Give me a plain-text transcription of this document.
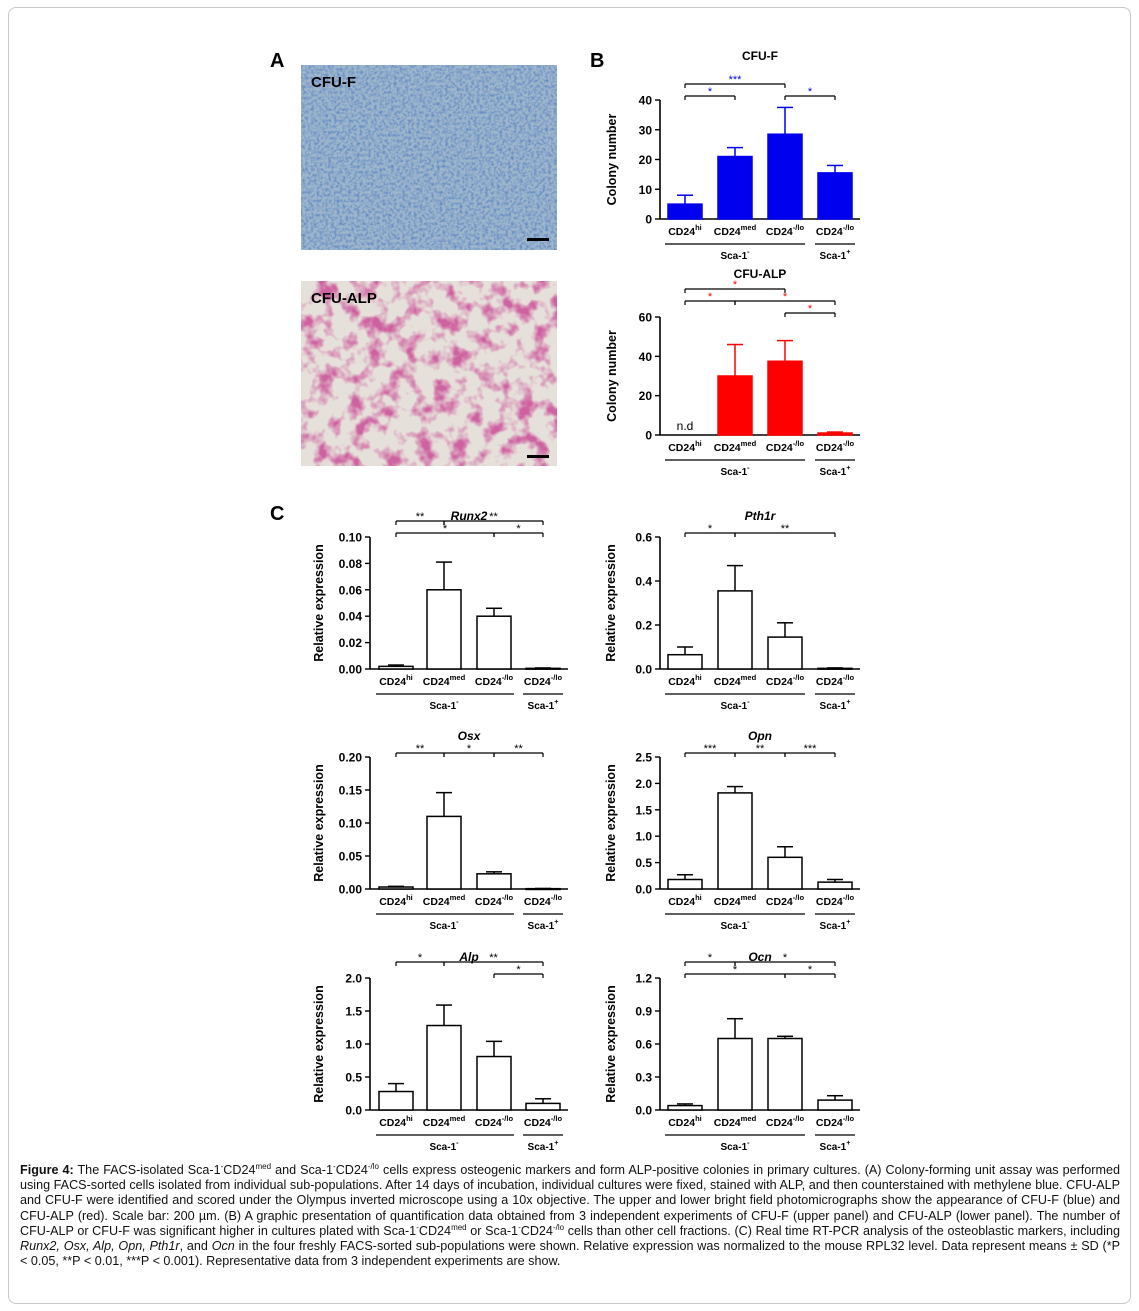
A
CFU-F
CFU-ALP
B
C
CFU-F
0
10
20
30
40
Colony number
$CD24^{hi}$ $CD24^{med}$ $CD24^{-/lo}$ $CD24^{-/lo}$
Sca-1-	Sca-1+
*	*
***
CFU-ALP
0
20
40
60
Colony number
n.d
$CD24^{hi}$ $CD24^{med}$ $CD24^{-/lo}$ $CD24^{-/lo}$
Sca-1-	Sca-1+
*
*
*
*
Runx2
0.00
0.02
0.04
0.06
0.08
0.10
Relative expression
$CD24^{hi}$ $CD24^{med}$ $CD24^{-/lo}$ $CD24^{-/lo}$
Sca-1-	Sca-1+
*	*
**	**	Pth1r
0.0
0.2
0.4
0.6
Relative expression
$CD24^{hi}$ $CD24^{med}$ $CD24^{-/lo}$ $CD24^{-/lo}$
Sca-1-	Sca-1+
*	**
Osx
0.00
0.05
0.10
0.15
0.20
Relative expression
$CD24^{hi}$ $CD24^{med}$ $CD24^{-/lo}$ $CD24^{-/lo}$
Sca-1-	Sca-1+
**	*	**
Opn
0.0
0.5
1.0
1.5
2.0
2.5
Relative expression
$CD24^{hi}$ $CD24^{med}$ $CD24^{-/lo}$ $CD24^{-/lo}$
Sca-1-	Sca-1+
***	**	***
Alp
0.0
0.5
1.0
1.5
2.0
Relative expression
$CD24^{hi}$ $CD24^{med}$ $CD24^{-/lo}$ $CD24^{-/lo}$
Sca-1-	Sca-1+
*
*	**	Ocn
0.0
0.3
0.6
0.9
1.2
Relative expression
$CD24^{hi}$ $CD24^{med}$ $CD24^{-/lo}$ $CD24^{-/lo}$
Sca-1-	Sca-1+
*	*
*	*
Figure 4: The FACS-isolated Sca-$1^-CD24^{med}$ and Sca-$1^-CD24^{-/lo}$ cells express osteogenic markers and form ALP-positive colonies in primary cultures. (A) Colony-forming unit assay was performed using FACS-sorted cells isolated from individual sub-populations. After 14 days of incubation, individual cultures were fixed, stained with ALP, and then counterstained with methylene blue. CFU-ALP and CFU-F were identified and scored under the Olympus inverted microscope using a 10x objective. The upper and lower bright field photomicrographs show the appearance of CFU-F (blue) and CFU-ALP (red). Scale bar: 200 µm. (B) A graphic presentation of quantification data obtained from 3 independent experiments of CFU-F (upper panel) and CFU-ALP (lower panel). The number of CFU-ALP or CFU-F was significant higher in cultures plated with Sca-$1^-CD24^{med}$ or Sca-$1^-CD24^{-/lo}$ cells than other cell fractions. (C) Real time RT-PCR analysis of the osteoblastic markers, including Runx2, Osx, Alp, Opn, Pth1r, and Ocn in the four freshly FACS-sorted sub-populations were shown. Relative expression was normalized to the mouse RPL32 level. Data represent means ± SD (*P < 0.05, **P < 0.01, ***P < 0.001). Representative data from 3 independent experiments are show.
